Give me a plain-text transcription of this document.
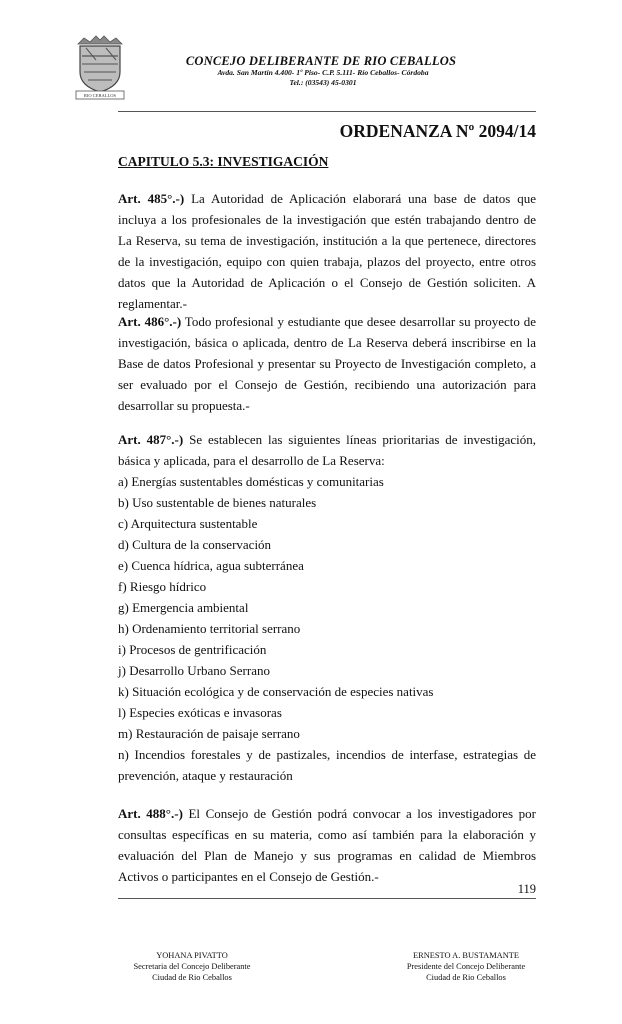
RIO CEBALLOS
CONCEJO DELIBERANTE DE RIO CEBALLOS
Avda. San Martín 4.400- 1º Piso- C.P. 5.111- Río Ceballos- Córdoba
Tel.: (03543) 45-0301
ORDENANZA Nº 2094/14
CAPITULO 5.3: INVESTIGACIÓN
Art. 485°.-) La Autoridad de Aplicación elaborará una base de datos que incluya a los profesionales de la investigación que estén trabajando dentro de La Reserva, su tema de investigación, institución a la que pertenece, directores de la investigación, equipo con quien trabaja, plazos del proyecto, entre otros datos que la Autoridad de Aplicación o el Consejo de Gestión soliciten. A reglamentar.-
Art. 486°.-) Todo profesional y estudiante que desee desarrollar su proyecto de investigación, básica o aplicada, dentro de La Reserva deberá inscribirse en la Base de datos Profesional y presentar su Proyecto de Investigación completo, a ser evaluado por el Consejo de Gestión, recibiendo una autorización para desarrollar su propuesta.-
Art. 487°.-) Se establecen las siguientes líneas prioritarias de investigación, básica y aplicada, para el desarrollo de La Reserva:
a) Energías sustentables domésticas y comunitarias
b) Uso sustentable de bienes naturales
c) Arquitectura sustentable
d) Cultura de la conservación
e) Cuenca hídrica, agua subterránea
f) Riesgo hídrico
g) Emergencia ambiental
h) Ordenamiento territorial serrano
i) Procesos de gentrificación
j) Desarrollo Urbano Serrano
k) Situación ecológica y de conservación de especies nativas
l) Especies exóticas e invasoras
m) Restauración de paisaje serrano
n) Incendios forestales y de pastizales, incendios de interfase, estrategias de prevención, ataque y restauración
Art. 488°.-) El Consejo de Gestión podrá convocar a los investigadores por consultas específicas en su materia, como así también para la elaboración y evaluación del Plan de Manejo y sus programas en calidad de Miembros Activos o participantes en el Consejo de Gestión.-
119
YOHANA PIVATTO
Secretaria del Concejo Deliberante
Ciudad de Rio Ceballos
ERNESTO A. BUSTAMANTE
Presidente del Concejo Deliberante
Ciudad de Rio Ceballos
